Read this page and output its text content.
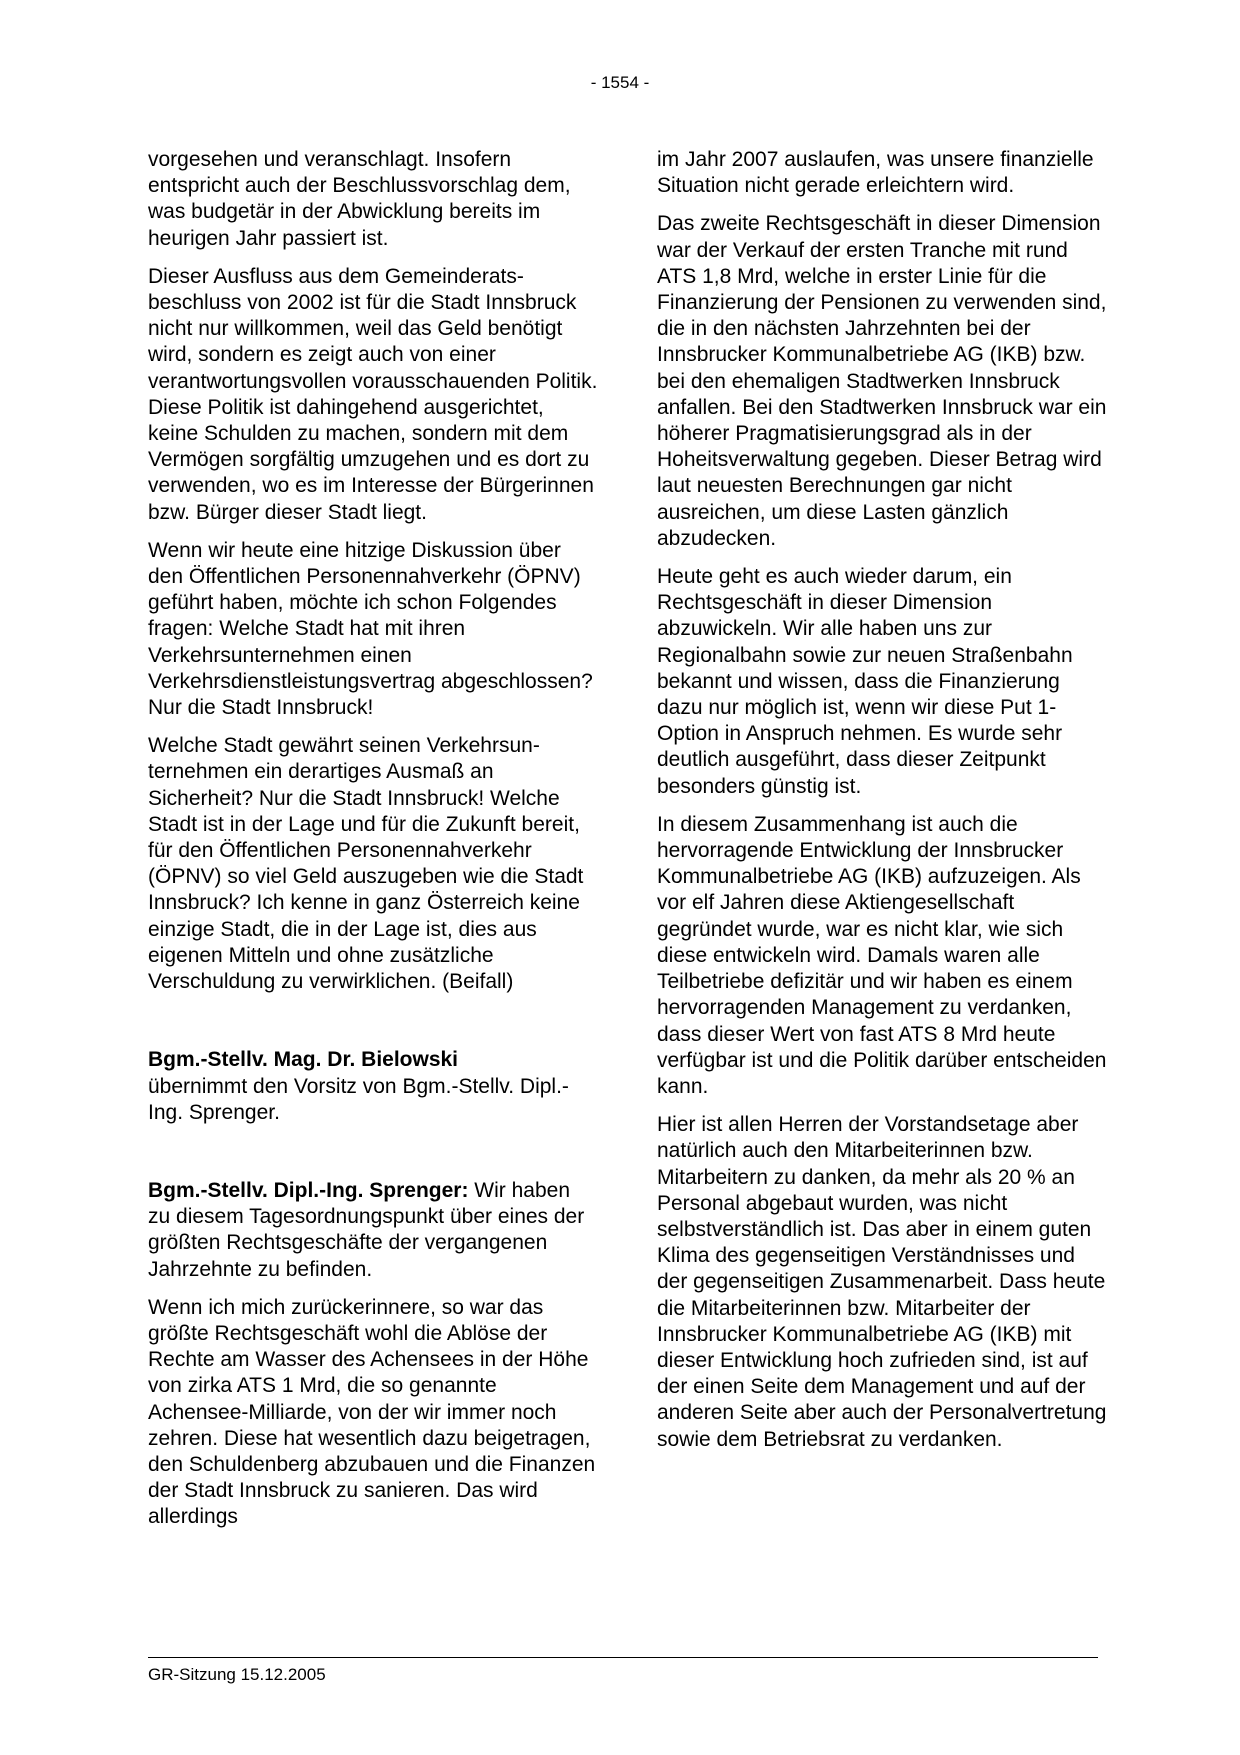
- 1554 -

vorgesehen und veranschlagt. Insofern entspricht auch der Beschlussvorschlag dem, was budgetär in der Abwicklung bereits im heurigen Jahr passiert ist.

Dieser Ausfluss aus dem Gemeinderatsbeschluss von 2002 ist für die Stadt Innsbruck nicht nur willkommen, weil das Geld benötigt wird, sondern es zeigt auch von einer verantwortungsvollen vorausschauenden Politik. Diese Politik ist dahingehend ausgerichtet, keine Schulden zu machen, sondern mit dem Vermögen sorgfältig umzugehen und es dort zu verwenden, wo es im Interesse der Bürgerinnen bzw. Bürger dieser Stadt liegt.

Wenn wir heute eine hitzige Diskussion über den Öffentlichen Personennahverkehr (ÖPNV) geführt haben, möchte ich schon Folgendes fragen: Welche Stadt hat mit ihren Verkehrsunternehmen einen Verkehrsdienstleistungsvertrag abgeschlossen? Nur die Stadt Innsbruck!

Welche Stadt gewährt seinen Verkehrsunternehmen ein derartiges Ausmaß an Sicherheit? Nur die Stadt Innsbruck! Welche Stadt ist in der Lage und für die Zukunft bereit, für den Öffentlichen Personennahverkehr (ÖPNV) so viel Geld auszugeben wie die Stadt Innsbruck? Ich kenne in ganz Österreich keine einzige Stadt, die in der Lage ist, dies aus eigenen Mitteln und ohne zusätzliche Verschuldung zu verwirklichen. (Beifall)

Bgm.-Stellv. Mag. Dr. Bielowski
übernimmt den Vorsitz von Bgm.-Stellv. Dipl.-Ing. Sprenger.

Bgm.-Stellv. Dipl.-Ing. Sprenger: Wir haben zu diesem Tagesordnungspunkt über eines der größten Rechtsgeschäfte der vergangenen Jahrzehnte zu befinden.

Wenn ich mich zurückerinnere, so war das größte Rechtsgeschäft wohl die Ablöse der Rechte am Wasser des Achensees in der Höhe von zirka ATS 1 Mrd, die so genannte Achensee-Milliarde, von der wir immer noch zehren. Diese hat wesentlich dazu beigetragen, den Schuldenberg abzubauen und die Finanzen der Stadt Innsbruck zu sanieren. Das wird allerdings

im Jahr 2007 auslaufen, was unsere finanzielle Situation nicht gerade erleichtern wird.

Das zweite Rechtsgeschäft in dieser Dimension war der Verkauf der ersten Tranche mit rund ATS 1,8 Mrd, welche in erster Linie für die Finanzierung der Pensionen zu verwenden sind, die in den nächsten Jahrzehnten bei der Innsbrucker Kommunalbetriebe AG (IKB) bzw. bei den ehemaligen Stadtwerken Innsbruck anfallen. Bei den Stadtwerken Innsbruck war ein höherer Pragmatisierungsgrad als in der Hoheitsverwaltung gegeben. Dieser Betrag wird laut neuesten Berechnungen gar nicht ausreichen, um diese Lasten gänzlich abzudecken.

Heute geht es auch wieder darum, ein Rechtsgeschäft in dieser Dimension abzuwickeln. Wir alle haben uns zur Regionalbahn sowie zur neuen Straßenbahn bekannt und wissen, dass die Finanzierung dazu nur möglich ist, wenn wir diese Put 1-Option in Anspruch nehmen. Es wurde sehr deutlich ausgeführt, dass dieser Zeitpunkt besonders günstig ist.

In diesem Zusammenhang ist auch die hervorragende Entwicklung der Innsbrucker Kommunalbetriebe AG (IKB) aufzuzeigen. Als vor elf Jahren diese Aktiengesellschaft gegründet wurde, war es nicht klar, wie sich diese entwickeln wird. Damals waren alle Teilbetriebe defizitär und wir haben es einem hervorragenden Management zu verdanken, dass dieser Wert von fast ATS 8 Mrd heute verfügbar ist und die Politik darüber entscheiden kann.

Hier ist allen Herren der Vorstandsetage aber natürlich auch den Mitarbeiterinnen bzw. Mitarbeitern zu danken, da mehr als 20 % an Personal abgebaut wurden, was nicht selbstverständlich ist. Das aber in einem guten Klima des gegenseitigen Verständnisses und der gegenseitigen Zusammenarbeit. Dass heute die Mitarbeiterinnen bzw. Mitarbeiter der Innsbrucker Kommunalbetriebe AG (IKB) mit dieser Entwicklung hoch zufrieden sind, ist auf der einen Seite dem Management und auf der anderen Seite aber auch der Personalvertretung sowie dem Betriebsrat zu verdanken.

GR-Sitzung 15.12.2005
